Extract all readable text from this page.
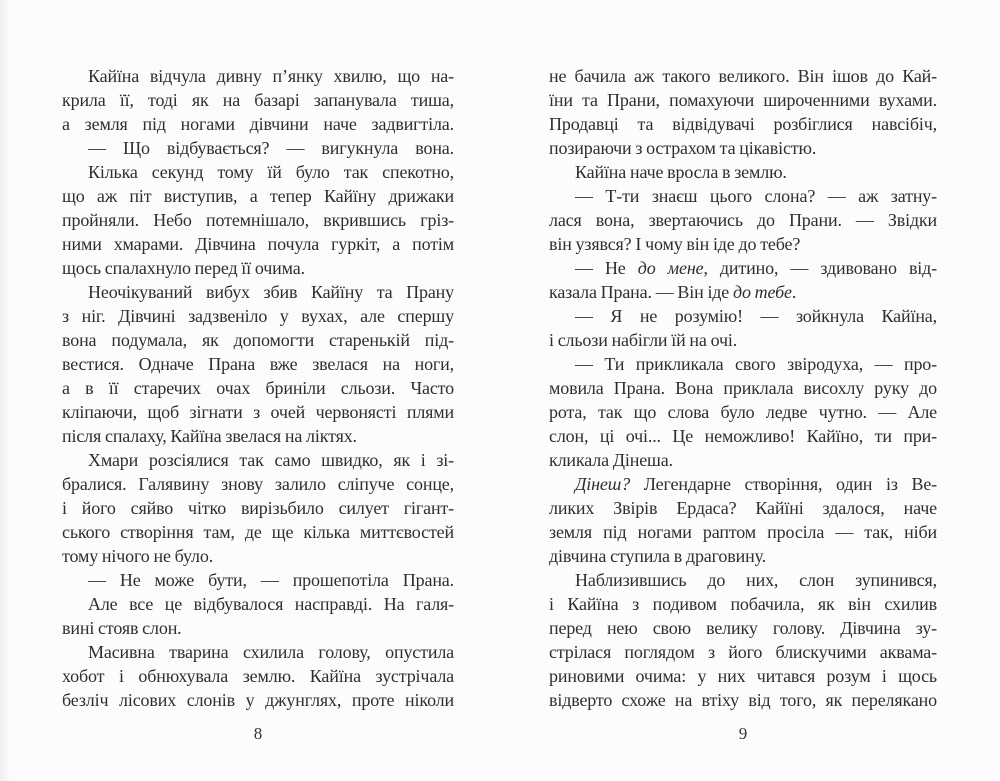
Кайїна відчула дивну п’янку хвилю, що на-
крила її, тоді як на базарі запанувала тиша,
а земля під ногами дівчини наче задвигтіла.
— Що відбувається? — вигукнула вона.
Кілька секунд тому їй було так спекотно,
що аж піт виступив, а тепер Кайїну дрижаки
пройняли. Небо потемнішало, вкрившись гріз-
ними хмарами. Дівчина почула гуркіт, а потім
щось спалахнуло перед її очима.
Неочікуваний вибух збив Кайїну та Прану
з ніг. Дівчині задзвеніло у вухах, але спершу
вона подумала, як допомогти старенькій під-
вестися. Одначе Прана вже звелася на ноги,
а в її старечих очах бриніли сльози. Часто
кліпаючи, щоб зігнати з очей червонясті плями
після спалаху, Кайїна звелася на ліктях.
Хмари розсіялися так само швидко, як і зі-
бралися. Галявину знову залило сліпуче сонце,
і його сяйво чітко вирізьбило силует гігант-
ського створіння там, де ще кілька миттєвостей
тому нічого не було.
— Не може бути, — прошепотіла Прана.
Але все це відбувалося насправді. На галя-
вині стояв слон.
Масивна тварина схилила голову, опустила
хобот і обнюхувала землю. Кайїна зустрічала
безліч лісових слонів у джунглях, проте ніколи
не бачила аж такого великого. Він ішов до Кай-
їни та Прани, помахуючи широченними вухами.
Продавці та відвідувачі розбіглися навсібіч,
позираючи з острахом та цікавістю.
Кайїна наче вросла в землю.
— Т-ти знаєш цього слона? — аж затну-
лася вона, звертаючись до Прани. — Звідки
він узявся? І чому він іде до тебе?
— Не до мене, дитино, — здивовано від-
казала Прана. — Він іде до тебе.
— Я не розумію! — зойкнула Кайїна,
і сльози набігли їй на очі.
— Ти прикликала свого звіродуха, — про-
мовила Прана. Вона приклала висохлу руку до
рота, так що слова було ледве чутно. — Але
слон, ці очі... Це неможливо! Кайїно, ти при-
кликала Дінеша.
Дінеш? Легендарне створіння, один із Ве-
ликих Звірів Ердаса? Кайїні здалося, наче
земля під ногами раптом просіла — так, ніби
дівчина ступила в драговину.
Наблизившись до них, слон зупинився,
і Кайїна з подивом побачила, як він схилив
перед нею свою велику голову. Дівчина зу-
стрілася поглядом з його блискучими аквама-
риновими очима: у них читався розум і щось
відверто схоже на втіху від того, як перелякано
8	9
